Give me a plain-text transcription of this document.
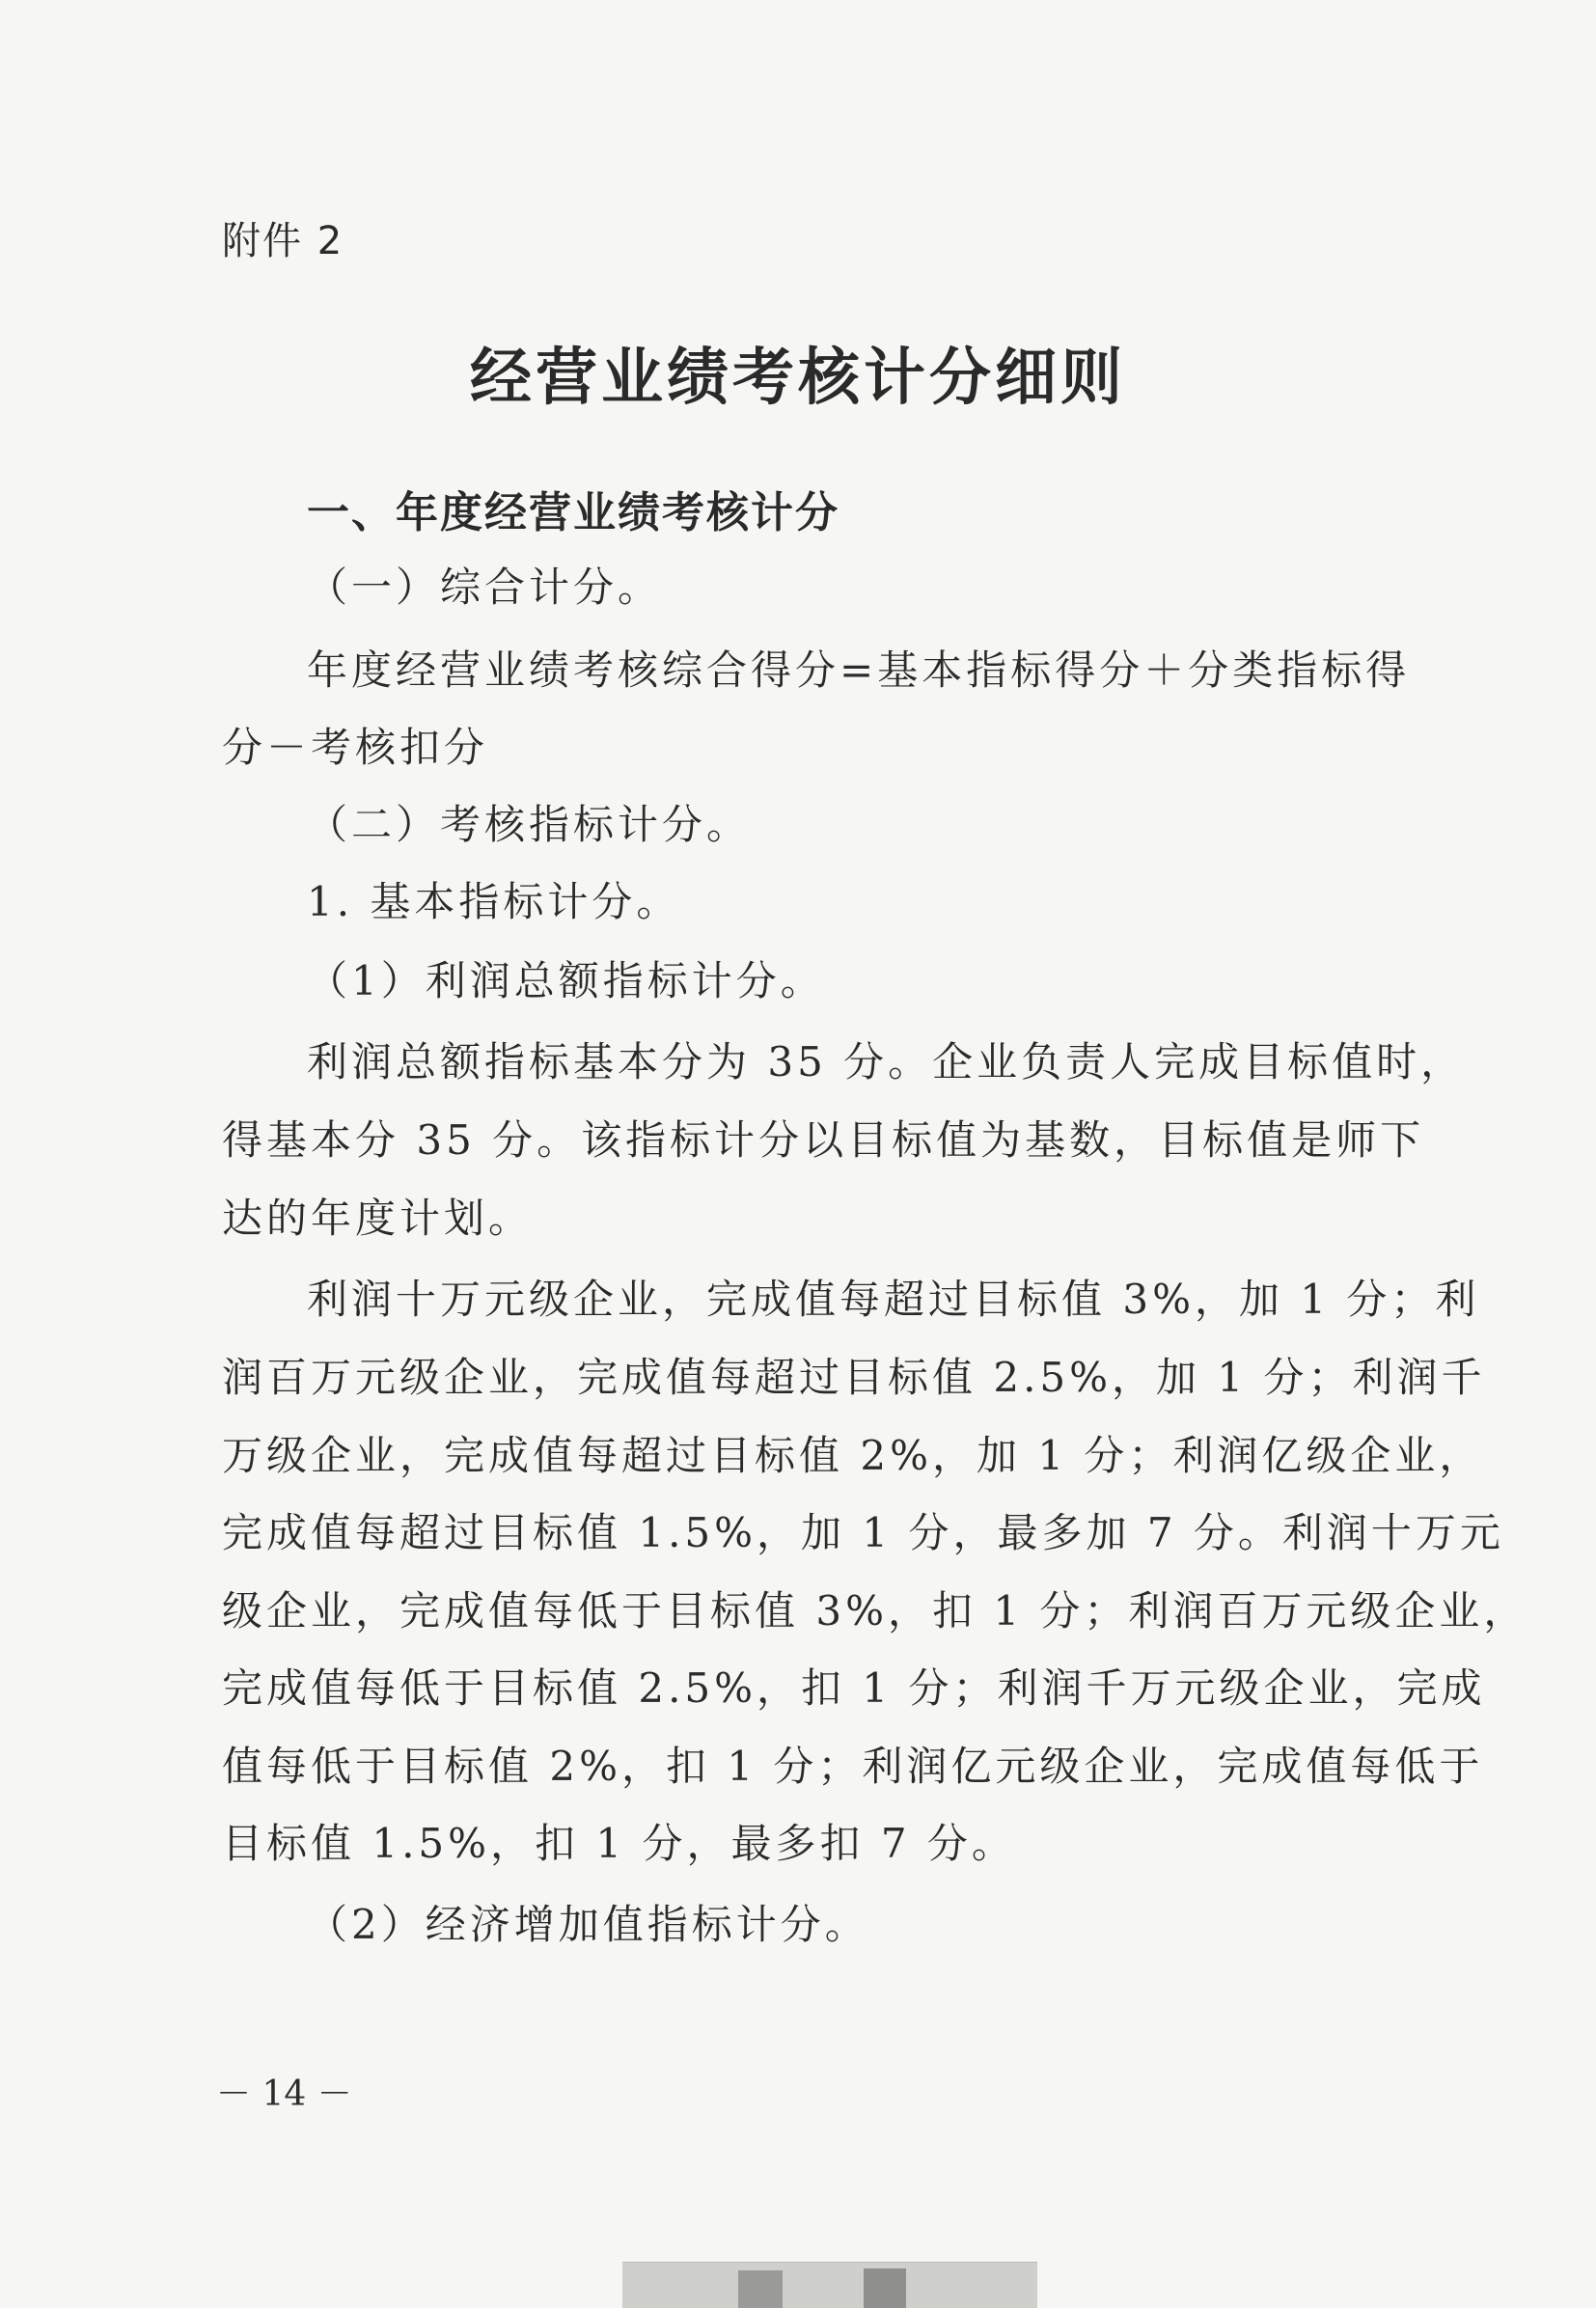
附件 2
经营业绩考核计分细则
一、年度经营业绩考核计分
（一）综合计分。
年度经营业绩考核综合得分=基本指标得分＋分类指标得
分－考核扣分
（二）考核指标计分。
1. 基本指标计分。
（1）利润总额指标计分。
利润总额指标基本分为 35 分。企业负责人完成目标值时，
得基本分 35 分。该指标计分以目标值为基数，目标值是师下
达的年度计划。
利润十万元级企业，完成值每超过目标值 3%，加 1 分；利
润百万元级企业，完成值每超过目标值 2.5%，加 1 分；利润千
万级企业，完成值每超过目标值 2%，加 1 分；利润亿级企业，
完成值每超过目标值 1.5%，加 1 分，最多加 7 分。利润十万元
级企业，完成值每低于目标值 3%，扣 1 分；利润百万元级企业，
完成值每低于目标值 2.5%，扣 1 分；利润千万元级企业，完成
值每低于目标值 2%，扣 1 分；利润亿元级企业，完成值每低于
目标值 1.5%，扣 1 分，最多扣 7 分。
（2）经济增加值指标计分。
－ 14 －
